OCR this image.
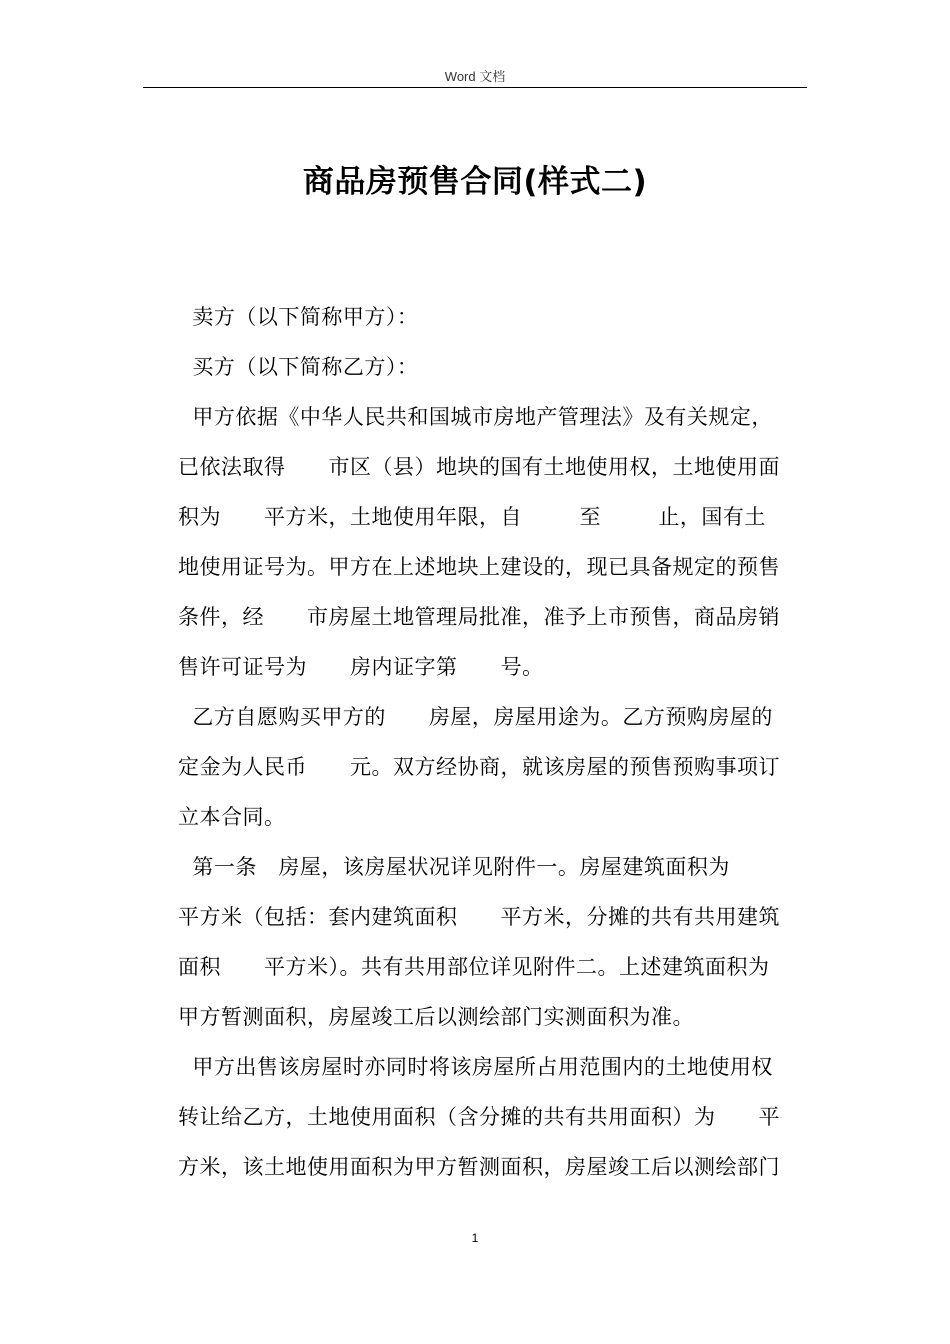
Word 文档
商品房预售合同(样式二)
卖方（以下简称甲方）：
买方（以下简称乙方）：
甲方依据《中华人民共和国城市房地产管理法》及有关规定，
已依法取得      市区（县）地块的国有土地使用权，土地使用面
积为      平方米，土地使用年限，自        至        止，国有土
地使用证号为。甲方在上述地块上建设的，现已具备规定的预售
条件，经      市房屋土地管理局批准，准予上市预售，商品房销
售许可证号为      房内证字第      号。
乙方自愿购买甲方的      房屋，房屋用途为。乙方预购房屋的
定金为人民币      元。双方经协商，就该房屋的预售预购事项订
立本合同。
第一条   房屋，该房屋状况详见附件一。房屋建筑面积为
平方米（包括：套内建筑面积      平方米，分摊的共有共用建筑
面积      平方米）。共有共用部位详见附件二。上述建筑面积为
甲方暂测面积，房屋竣工后以测绘部门实测面积为准。
甲方出售该房屋时亦同时将该房屋所占用范围内的土地使用权
转让给乙方，土地使用面积（含分摊的共有共用面积）为      平
方米，该土地使用面积为甲方暂测面积，房屋竣工后以测绘部门
1
